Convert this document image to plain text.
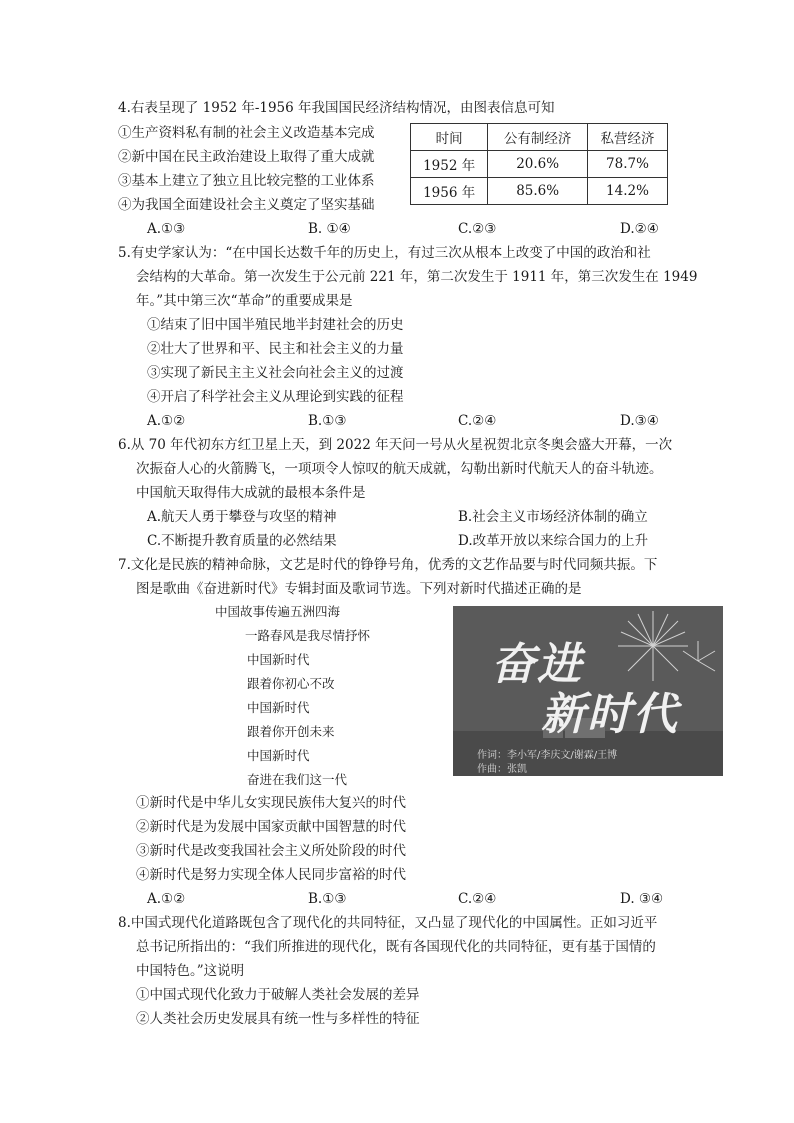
4.右表呈现了 1952 年-1956 年我国国民经济结构情况，由图表信息可知
①生产资料私有制的社会主义改造基本完成
②新中国在民主政治建设上取得了重大成就
③基本上建立了独立且比较完整的工业体系
④为我国全面建设社会主义奠定了坚实基础
时间	公有制经济	私营经济
1952 年	20.6%	78.7%
1956 年	85.6%	14.2%
A.①③	B. ①④	C.②③	D.②④
5.有史学家认为：“在中国长达数千年的历史上，有过三次从根本上改变了中国的政治和社
会结构的大革命。第一次发生于公元前 221 年，第二次发生于 1911 年，第三次发生在 1949
年。”其中第三次“革命”的重要成果是
①结束了旧中国半殖民地半封建社会的历史
②壮大了世界和平、民主和社会主义的力量
③实现了新民主主义社会向社会主义的过渡
④开启了科学社会主义从理论到实践的征程
A.①②	B.①③	C.②④	D.③④
6.从 70 年代初东方红卫星上天，到 2022 年天问一号从火星祝贺北京冬奥会盛大开幕，一次
次振奋人心的火箭腾飞，一项项令人惊叹的航天成就，勾勒出新时代航天人的奋斗轨迹。
中国航天取得伟大成就的最根本条件是
A.航天人勇于攀登与攻坚的精神	B.社会主义市场经济体制的确立
C.不断提升教育质量的必然结果	D.改革开放以来综合国力的上升
7.文化是民族的精神命脉，文艺是时代的铮铮号角，优秀的文艺作品要与时代同频共振。下
图是歌曲《奋进新时代》专辑封面及歌词节选。下列对新时代描述正确的是
中国故事传遍五洲四海
一路春风是我尽情抒怀
中国新时代
跟着你初心不改
中国新时代
跟着你开创未来
中国新时代
奋进在我们这一代
奋进
新时代
作词：李小军/李庆文/谢霖/王博
作曲：张凯
①新时代是中华儿女实现民族伟大复兴的时代
②新时代是为发展中国家贡献中国智慧的时代
③新时代是改变我国社会主义所处阶段的时代
④新时代是努力实现全体人民同步富裕的时代
A.①②	B.①③	C.②④	D. ③④
8.中国式现代化道路既包含了现代化的共同特征，又凸显了现代化的中国属性。正如习近平
总书记所指出的：“我们所推进的现代化，既有各国现代化的共同特征，更有基于国情的
中国特色。”这说明
①中国式现代化致力于破解人类社会发展的差异
②人类社会历史发展具有统一性与多样性的特征
